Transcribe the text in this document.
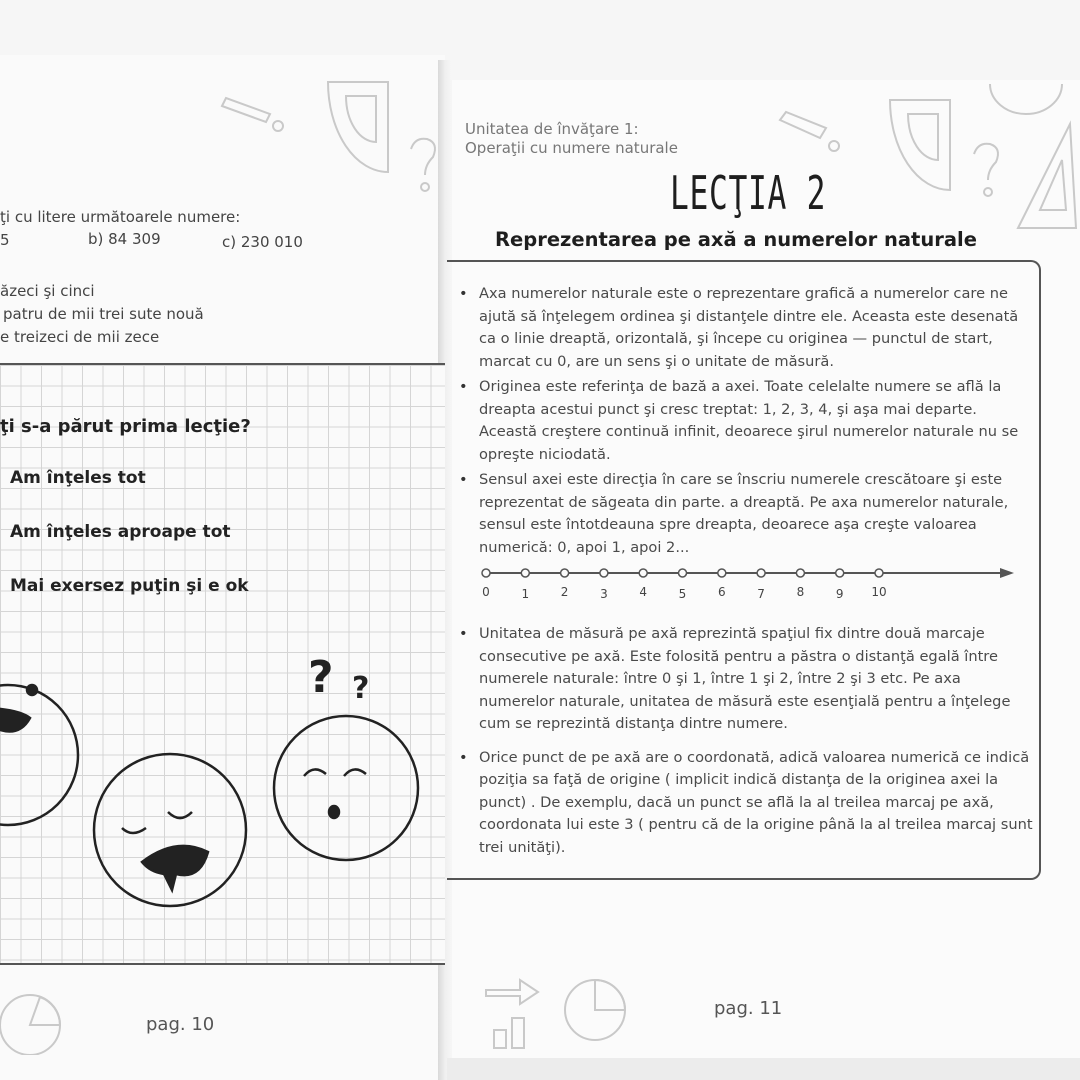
ţi cu litere următoarele numere:
5	b) 84 309	c) 230 010
ăzeci şi cinci
patru de mii trei sute nouă
e treizeci de mii zece
ţi s-a părut prima lecţie?
Am înţeles tot
Am înţeles aproape tot
Mai exersez puţin şi e ok
? ?
pag. 10
Unitatea de învăţare 1:
Operaţii cu numere naturale
LECŢIA 2
Reprezentarea pe axă a numerelor naturale
• Axa numerelor naturale este o reprezentare grafică a numerelor care ne ajută să înţelegem ordinea şi distanţele dintre ele. Aceasta este desenată ca o linie dreaptă, orizontală, şi începe cu originea — punctul de start, marcat cu 0, are un sens şi o unitate de măsură.
• Originea este referinţa de bază a axei. Toate celelalte numere se află la dreapta acestui punct şi cresc treptat: 1, 2, 3, 4, şi aşa mai departe. Această creştere continuă infinit, deoarece şirul numerelor naturale nu se opreşte niciodată.
• Sensul axei este direcţia în care se înscriu numerele crescătoare şi este reprezentat de săgeata din parte. a dreaptă. Pe axa numerelor naturale, sensul este întotdeauna spre dreapta, deoarece aşa creşte valoarea numerică: 0, apoi 1, apoi 2...
• Unitatea de măsură pe axă reprezintă spaţiul fix dintre două marcaje consecutive pe axă. Este folosită pentru a păstra o distanţă egală între numerele naturale: între 0 şi 1, între 1 şi 2, între 2 şi 3 etc. Pe axa numerelor naturale, unitatea de măsură este esenţială pentru a înţelege cum se reprezintă distanţa dintre numere.
• Orice punct de pe axă are o coordonată, adică valoarea numerică ce indică poziţia sa faţă de origine ( implicit indică distanţa de la originea axei la punct) . De exemplu, dacă un punct se află la al treilea marcaj pe axă, coordonata lui este 3 ( pentru că de la origine până la al treilea marcaj sunt trei unităţi).
0	1	2	3	4	5	6	7	8	9 10
pag. 11
